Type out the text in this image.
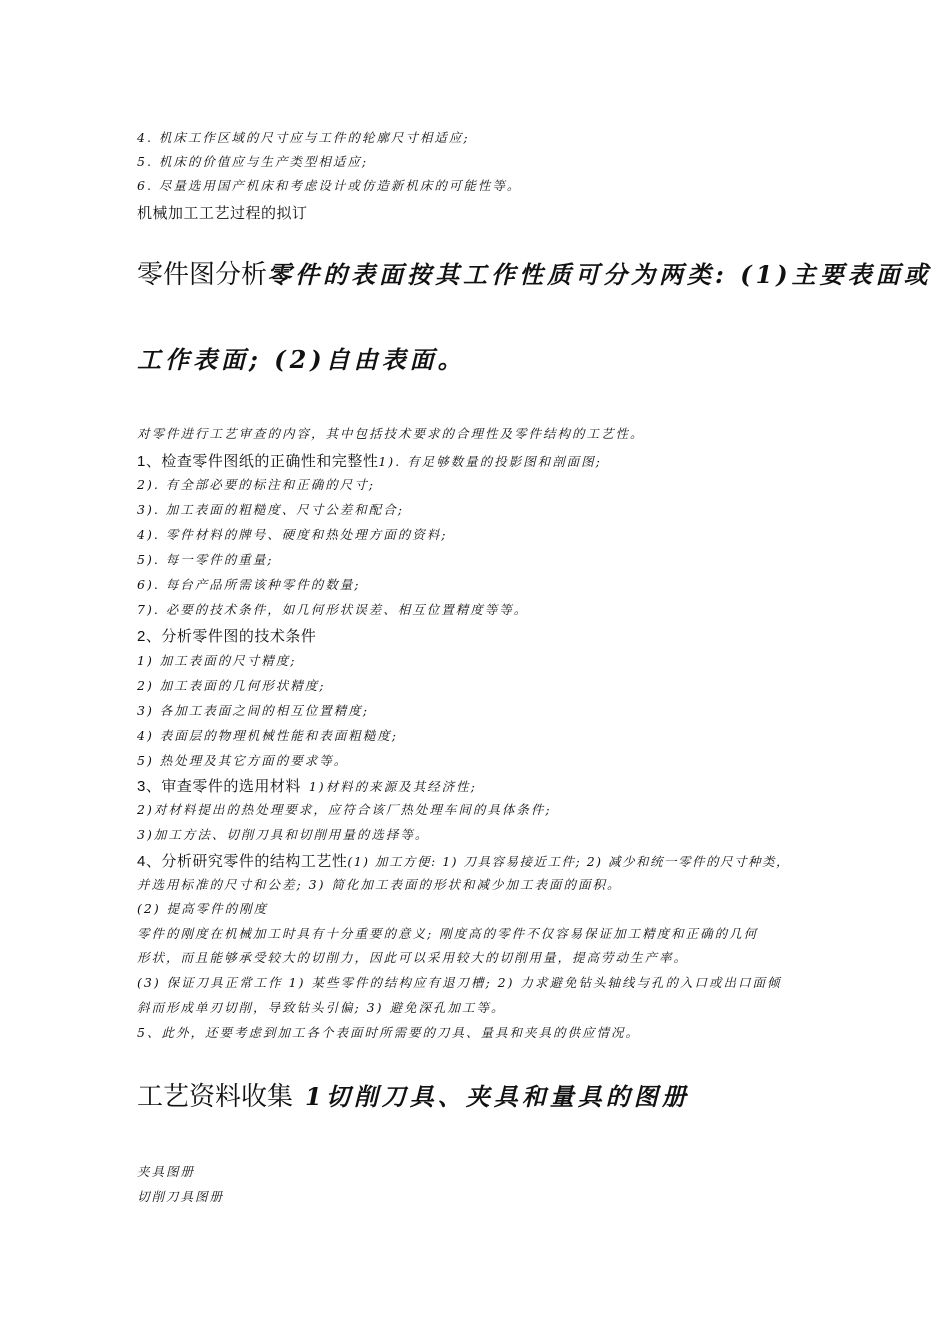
4. 机床工作区域的尺寸应与工件的轮廓尺寸相适应;
5. 机床的价值应与生产类型相适应;
6. 尽量选用国产机床和考虑设计或仿造新机床的可能性等。
机械加工工艺过程的拟订
零件图分析零件的表面按其工作性质可分为两类: (1)主要表面或
工作表面; (2)自由表面。
对零件进行工艺审查的内容，其中包括技术要求的合理性及零件结构的工艺性。
1、检查零件图纸的正确性和完整性1). 有足够数量的投影图和剖面图;
2). 有全部必要的标注和正确的尺寸;
3). 加工表面的粗糙度、尺寸公差和配合;
4). 零件材料的牌号、硬度和热处理方面的资料;
5). 每一零件的重量;
6). 每台产品所需该种零件的数量;
7). 必要的技术条件，如几何形状误差、相互位置精度等等。
2、分析零件图的技术条件
1) 加工表面的尺寸精度;
2) 加工表面的几何形状精度;
3) 各加工表面之间的相互位置精度;
4) 表面层的物理机械性能和表面粗糙度;
5) 热处理及其它方面的要求等。
3、审查零件的选用材料 1)材料的来源及其经济性;
2)对材料提出的热处理要求，应符合该厂热处理车间的具体条件;
3)加工方法、切削刀具和切削用量的选择等。
4、分析研究零件的结构工艺性(1) 加工方便: 1) 刀具容易接近工件; 2) 减少和统一零件的尺寸种类，
并选用标准的尺寸和公差; 3) 简化加工表面的形状和减少加工表面的面积。
(2) 提高零件的刚度
零件的刚度在机械加工时具有十分重要的意义; 刚度高的零件不仅容易保证加工精度和正确的几何
形状，而且能够承受较大的切削力，因此可以采用较大的切削用量，提高劳动生产率。
(3) 保证刀具正常工作 1) 某些零件的结构应有退刀槽; 2) 力求避免钻头轴线与孔的入口或出口面倾
斜而形成单刃切削，导致钻头引偏; 3) 避免深孔加工等。
5、此外，还要考虑到加工各个表面时所需要的刀具、量具和夹具的供应情况。
工艺资料收集 1切削刀具、夹具和量具的图册
夹具图册
切削刀具图册
